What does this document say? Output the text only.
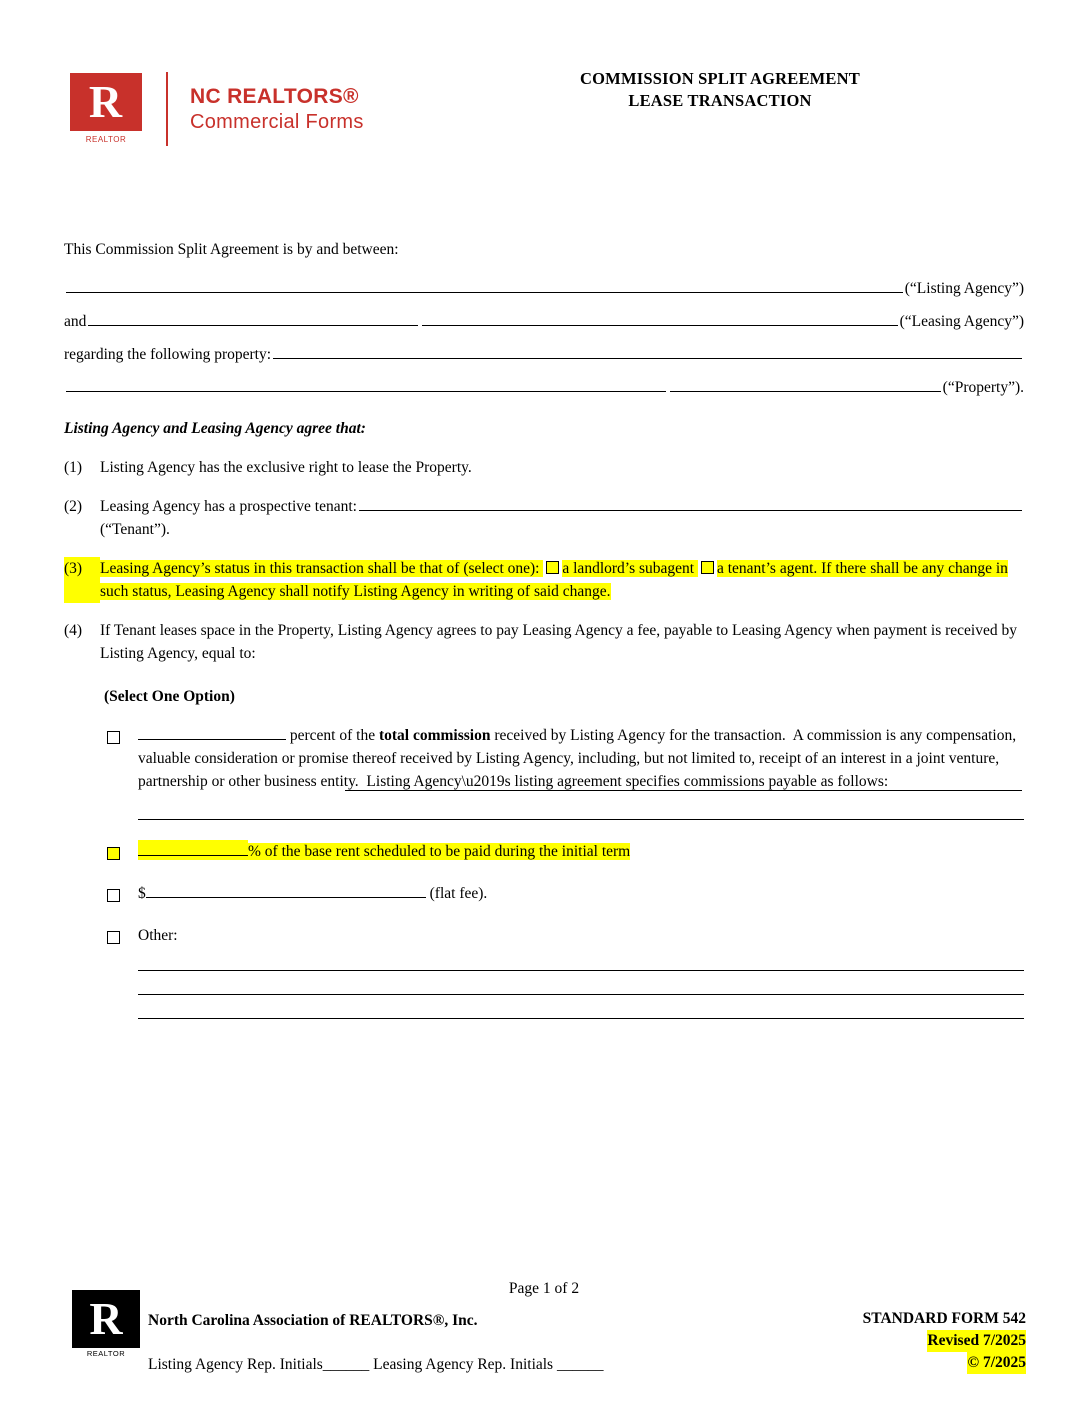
R
REALTOR
NC REALTORS®
Commercial Forms
COMMISSION SPLIT AGREEMENT
LEASE TRANSACTION
This Commission Split Agreement is by and between:
(“Listing Agency”)
and	(“Leasing Agency”)
regarding the following property:
(“Property”).
Listing Agency and Leasing Agency agree that:
(1)	Listing Agency has the exclusive right to lease the Property.
(2)	Leasing Agency has a prospective tenant:
(“Tenant”).
(3)	Leasing Agency’s status in this transaction shall be that of (select one): a landlord’s subagent a tenant’s agent. If there shall be any change in such status, Leasing Agency shall notify Listing Agency in writing of said change.
(4)	If Tenant leases space in the Property, Listing Agency agrees to pay Leasing Agency a fee, payable to Leasing Agency when payment is received by Listing Agency, equal to:
(Select One Option)
percent of the total commission received by Listing Agency for the transaction.  A commission is any compensation, valuable consideration or promise thereof received by Listing Agency, including, but not limited to, receipt of an interest in a joint venture, partnership or other business entity.  Listing Agency\u2019s listing agreement specifies commissions payable as follows:
% of the base rent scheduled to be paid during the initial term
$	(flat fee).
Other:
R
REALTOR
Page 1 of 2
North Carolina Association of REALTORS®, Inc.
Listing Agency Rep. Initials______ Leasing Agency Rep. Initials ______
STANDARD FORM 542
Revised 7/2025
© 7/2025
